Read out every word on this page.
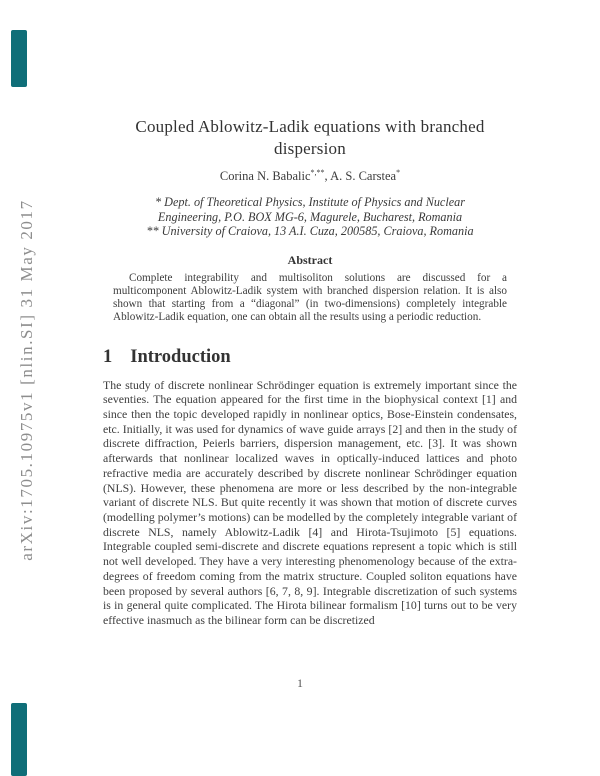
arXiv:1705.10975v1 [nlin.SI] 31 May 2017
Coupled Ablowitz-Ladik equations with branched dispersion
Corina N. Babalic*,**, A. S. Carstea*
* Dept. of Theoretical Physics, Institute of Physics and Nuclear
Engineering, P.O. BOX MG-6, Magurele, Bucharest, Romania
** University of Craiova, 13 A.I. Cuza, 200585, Craiova, Romania
Abstract
Complete integrability and multisoliton solutions are discussed for a multicomponent Ablowitz-Ladik system with branched dispersion relation. It is also shown that starting from a “diagonal” (in two-dimensions) completely integrable Ablowitz-Ladik equation, one can obtain all the results using a periodic reduction.
1 Introduction
The study of discrete nonlinear Schrödinger equation is extremely important since the seventies. The equation appeared for the first time in the biophysical context [1] and since then the topic developed rapidly in nonlinear optics, Bose-Einstein condensates, etc. Initially, it was used for dynamics of wave guide arrays [2] and then in the study of discrete diffraction, Peierls barriers, dispersion management, etc. [3]. It was shown afterwards that nonlinear localized waves in optically-induced lattices and photo refractive media are accurately described by discrete nonlinear Schrödinger equation (NLS). However, these phenomena are more or less described by the non-integrable variant of discrete NLS. But quite recently it was shown that motion of discrete curves (modelling polymer’s motions) can be modelled by the completely integrable variant of discrete NLS, namely Ablowitz-Ladik [4] and Hirota-Tsujimoto [5] equations. Integrable coupled semi-discrete and discrete equations represent a topic which is still not well developed. They have a very interesting phenomenology because of the extra-degrees of freedom coming from the matrix structure. Coupled soliton equations have been proposed by several authors [6, 7, 8, 9]. Integrable discretization of such systems is in general quite complicated. The Hirota bilinear formalism [10] turns out to be very effective inasmuch as the bilinear form can be discretized
1
